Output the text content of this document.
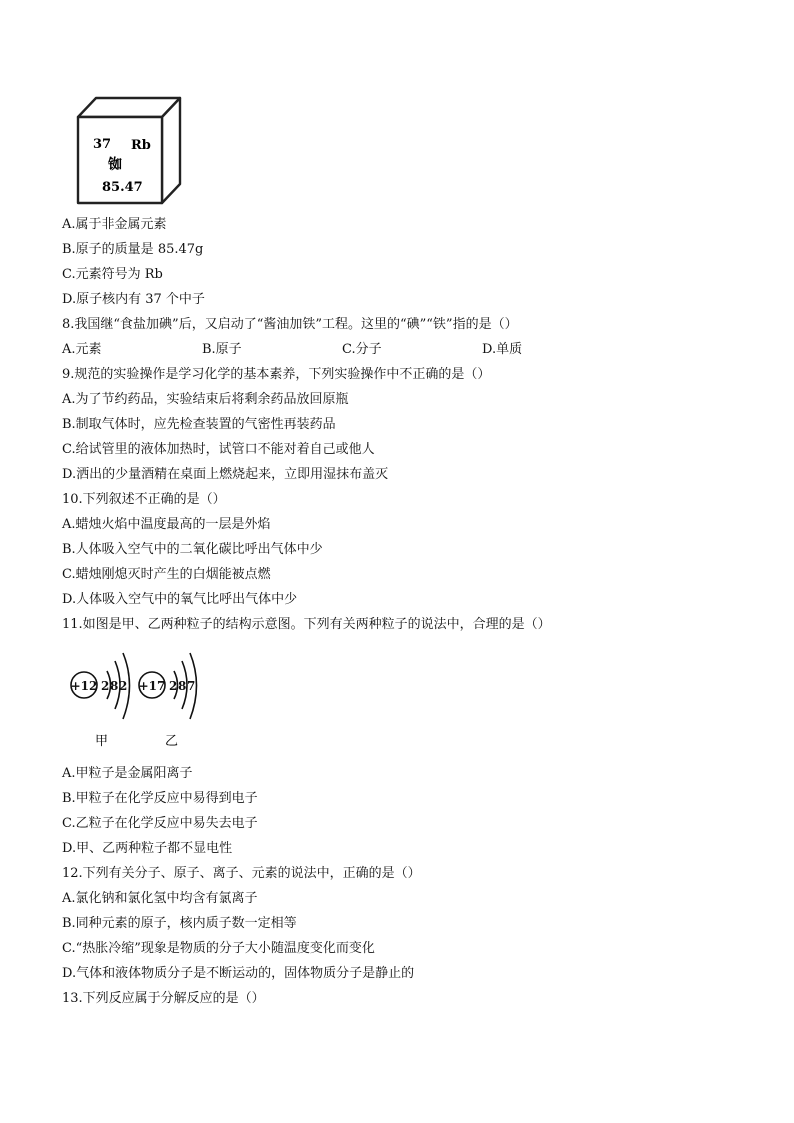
37 Rb
铷
85.47
A.属于非金属元素
B.原子的质量是 85.47g
C.元素符号为 Rb
D.原子核内有 37 个中子
8.我国继“食盐加碘”后，又启动了“酱油加铁”工程。这里的“碘”“铁”指的是（）
A.元素	B.原子	C.分子	D.单质
9.规范的实验操作是学习化学的基本素养，下列实验操作中不正确的是（）
A.为了节约药品，实验结束后将剩余药品放回原瓶
B.制取气体时，应先检查装置的气密性再装药品
C.给试管里的液体加热时，试管口不能对着自己或他人
D.洒出的少量酒精在桌面上燃烧起来，立即用湿抹布盖灭
10.下列叙述不正确的是（）
A.蜡烛火焰中温度最高的一层是外焰
B.人体吸入空气中的二氧化碳比呼出气体中少
C.蜡烛刚熄灭时产生的白烟能被点燃
D.人体吸入空气中的氧气比呼出气体中少
11.如图是甲、乙两种粒子的结构示意图。下列有关两种粒子的说法中，合理的是（）
+12 2 8 2 +17 2 8 7
甲	乙
A.甲粒子是金属阳离子
B.甲粒子在化学反应中易得到电子
C.乙粒子在化学反应中易失去电子
D.甲、乙两种粒子都不显电性
12.下列有关分子、原子、离子、元素的说法中，正确的是（）
A.氯化钠和氯化氢中均含有氯离子
B.同种元素的原子，核内质子数一定相等
C.“热胀冷缩”现象是物质的分子大小随温度变化而变化
D.气体和液体物质分子是不断运动的，固体物质分子是静止的
13.下列反应属于分解反应的是（）
